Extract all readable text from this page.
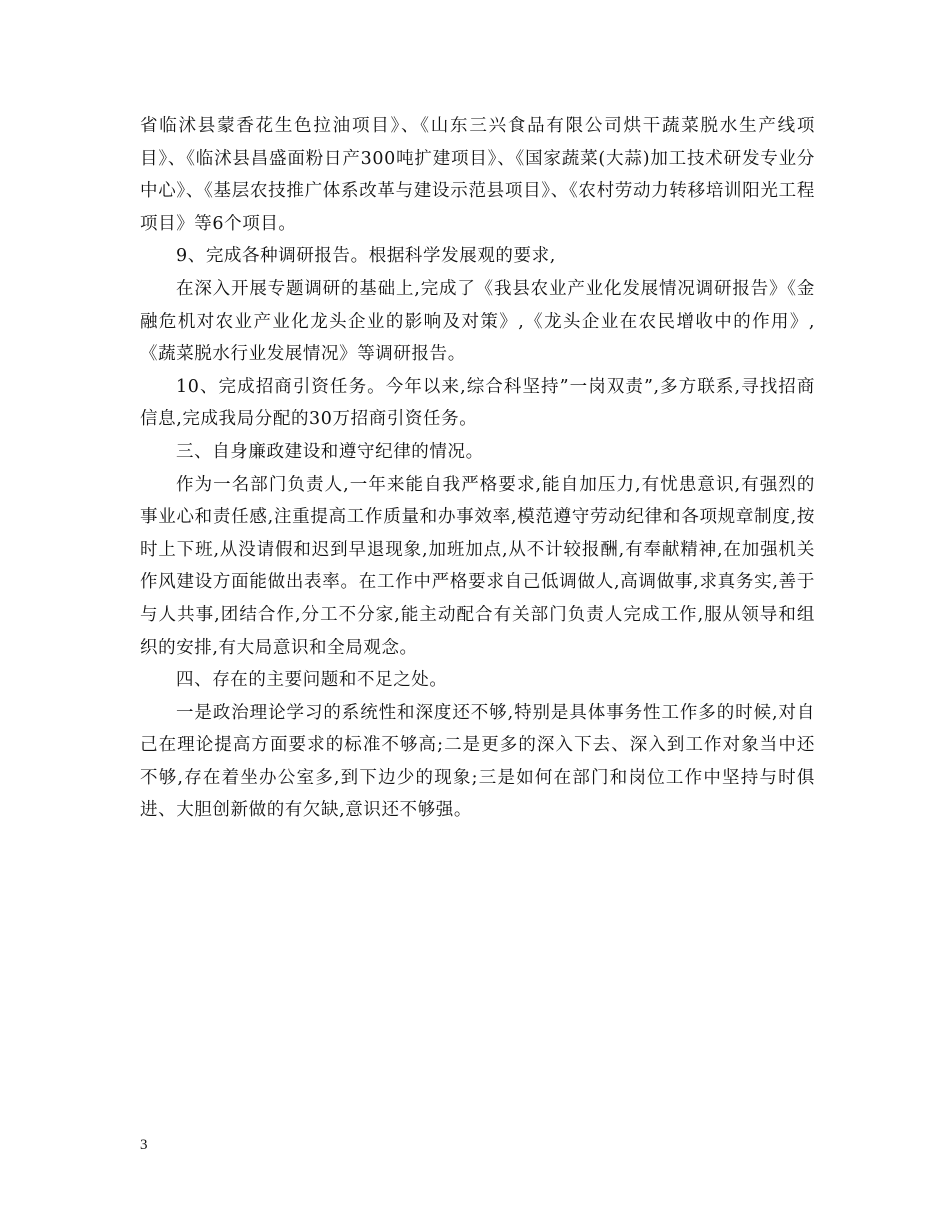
省临沭县蒙香花生色拉油项目》、《山东三兴食品有限公司烘干蔬菜脱水生产线项目》、《临沭县昌盛面粉日产300吨扩建项目》、《国家蔬菜(大蒜)加工技术研发专业分中心》、《基层农技推广体系改革与建设示范县项目》、《农村劳动力转移培训阳光工程项目》等6个项目。

9、完成各种调研报告。根据科学发展观的要求,

在深入开展专题调研的基础上,完成了《我县农业产业化发展情况调研报告》《金融危机对农业产业化龙头企业的影响及对策》,《龙头企业在农民增收中的作用》,《蔬菜脱水行业发展情况》等调研报告。

10、完成招商引资任务。今年以来,综合科坚持”一岗双责”,多方联系,寻找招商信息,完成我局分配的30万招商引资任务。

三、自身廉政建设和遵守纪律的情况。

作为一名部门负责人,一年来能自我严格要求,能自加压力,有忧患意识,有强烈的事业心和责任感,注重提高工作质量和办事效率,模范遵守劳动纪律和各项规章制度,按时上下班,从没请假和迟到早退现象,加班加点,从不计较报酬,有奉献精神,在加强机关作风建设方面能做出表率。在工作中严格要求自己低调做人,高调做事,求真务实,善于与人共事,团结合作,分工不分家,能主动配合有关部门负责人完成工作,服从领导和组织的安排,有大局意识和全局观念。

四、存在的主要问题和不足之处。

一是政治理论学习的系统性和深度还不够,特别是具体事务性工作多的时候,对自己在理论提高方面要求的标准不够高;二是更多的深入下去、深入到工作对象当中还不够,存在着坐办公室多,到下边少的现象;三是如何在部门和岗位工作中坚持与时俱进、大胆创新做的有欠缺,意识还不够强。

3
